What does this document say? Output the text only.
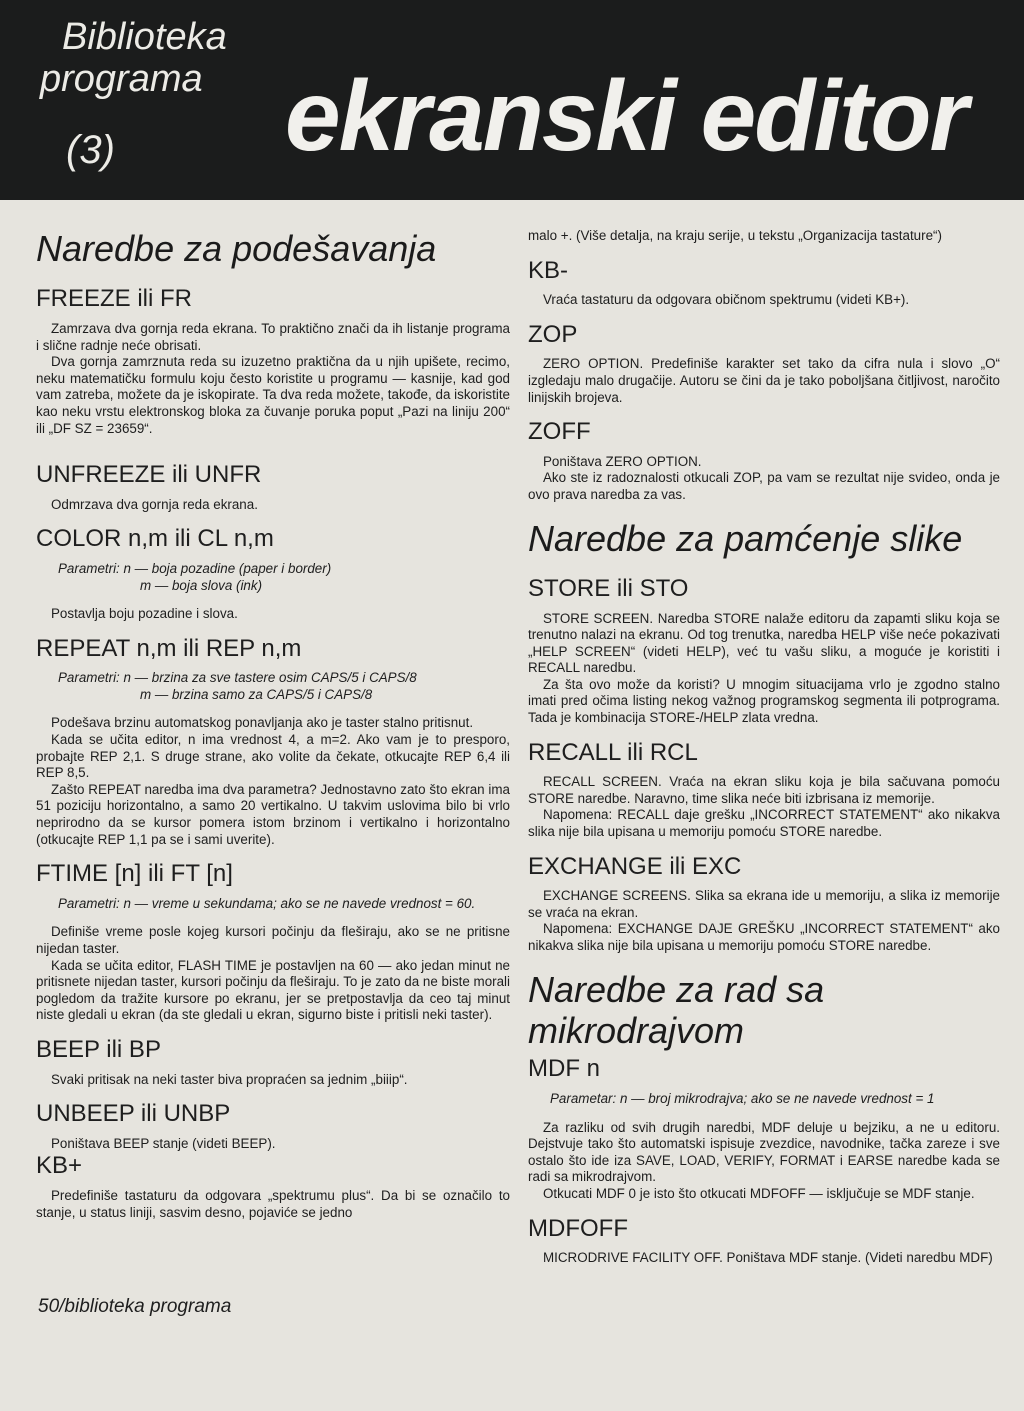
Biblioteka
programa
(3) ekranski editor
Naredbe za podešavanja
FREEZE ili FR

Zamrzava dva gornja reda ekrana. To praktično znači da ih listanje programa i slične radnje neće obrisati.

Dva gornja zamrznuta reda su izuzetno praktična da u njih upišete, recimo, neku matematičku formulu koju često koristite u programu — kasnije, kad god vam zatreba, možete da je iskopirate. Ta dva reda možete, takođe, da iskoristite kao neku vrstu elektronskog bloka za čuvanje poruka poput „Pazi na liniju 200“ ili „DF SZ = 23659“.

UNFREEZE ili UNFR

Odmrzava dva gornja reda ekrana.

COLOR n,m ili CL n,m
Parametri: n — boja pozadine (paper i border)
m — boja slova (ink)

Postavlja boju pozadine i slova.

REPEAT n,m ili REP n,m
Parametri: n — brzina za sve tastere osim CAPS/5 i CAPS/8
m — brzina samo za CAPS/5 i CAPS/8

Podešava brzinu automatskog ponavljanja ako je taster stalno pritisnut.

Kada se učita editor, n ima vrednost 4, a m=2. Ako vam je to presporo, probajte REP 2,1. S druge strane, ako volite da čekate, otkucajte REP 6,4 ili REP 8,5.

Zašto REPEAT naredba ima dva parametra? Jednostavno zato što ekran ima 51 poziciju horizontalno, a samo 20 vertikalno. U takvim uslovima bilo bi vrlo neprirodno da se kursor pomera istom brzinom i vertikalno i horizontalno (otkucajte REP 1,1 pa se i sami uverite).

FTIME [n] ili FT [n]
Parametri: n — vreme u sekundama; ako se ne navede vrednost = 60.

Definiše vreme posle kojeg kursori počinju da fleširaju, ako se ne pritisne nijedan taster.

Kada se učita editor, FLASH TIME je postavljen na 60 — ako jedan minut ne pritisnete nijedan taster, kursori počinju da fleširaju. To je zato da ne biste morali pogledom da tražite kursore po ekranu, jer se pretpostavlja da ceo taj minut niste gledali u ekran (da ste gledali u ekran, sigurno biste i pritisli neki taster).

BEEP ili BP

Svaki pritisak na neki taster biva propraćen sa jednim „biiip“.

UNBEEP ili UNBP

Poništava BEEP stanje (videti BEEP).

KB+

Predefiniše tastaturu da odgovara „spektrumu plus“. Da bi se označilo to stanje, u status liniji, sasvim desno, pojaviće se jedno

malo +. (Više detalja, na kraju serije, u tekstu „Organizacija tastature“)

KB-

Vraća tastaturu da odgovara običnom spektrumu (videti KB+).

ZOP

ZERO OPTION. Predefiniše karakter set tako da cifra nula i slovo „O“ izgledaju malo drugačije. Autoru se čini da je tako poboljšana čitljivost, naročito linijskih brojeva.

ZOFF

Poništava ZERO OPTION.

Ako ste iz radoznalosti otkucali ZOP, pa vam se rezultat nije svideo, onda je ovo prava naredba za vas.

Naredbe za pamćenje slike
STORE ili STO

STORE SCREEN. Naredba STORE nalaže editoru da zapamti sliku koja se trenutno nalazi na ekranu. Od tog trenutka, naredba HELP više neće pokazivati „HELP SCREEN“ (videti HELP), već tu vašu sliku, a moguće je koristiti i RECALL naredbu.

Za šta ovo može da koristi? U mnogim situacijama vrlo je zgodno stalno imati pred očima listing nekog važnog programskog segmenta ili potprograma. Tada je kombinacija STORE-/HELP zlata vredna.

RECALL ili RCL

RECALL SCREEN. Vraća na ekran sliku koja je bila sačuvana pomoću STORE naredbe. Naravno, time slika neće biti izbrisana iz memorije.

Napomena: RECALL daje grešku „INCORRECT STATEMENT“ ako nikakva slika nije bila upisana u memoriju pomoću STORE naredbe.

EXCHANGE ili EXC

EXCHANGE SCREENS. Slika sa ekrana ide u memoriju, a slika iz memorije se vraća na ekran.

Napomena: EXCHANGE DAJE GREŠKU „INCORRECT STATEMENT“ ako nikakva slika nije bila upisana u memoriju pomoću STORE naredbe.

Naredbe za rad sa mikrodrajvom
MDF n
Parametar: n — broj mikrodrajva; ako se ne navede vrednost = 1

Za razliku od svih drugih naredbi, MDF deluje u bejziku, a ne u editoru. Dejstvuje tako što automatski ispisuje zvezdice, navodnike, tačka zareze i sve ostalo što ide iza SAVE, LOAD, VERIFY, FORMAT i EARSE naredbe kada se radi sa mikrodrajvom.

Otkucati MDF 0 je isto što otkucati MDFOFF — isključuje se MDF stanje.

MDFOFF

MICRODRIVE FACILITY OFF. Poništava MDF stanje. (Videti naredbu MDF)

50/biblioteka programa
